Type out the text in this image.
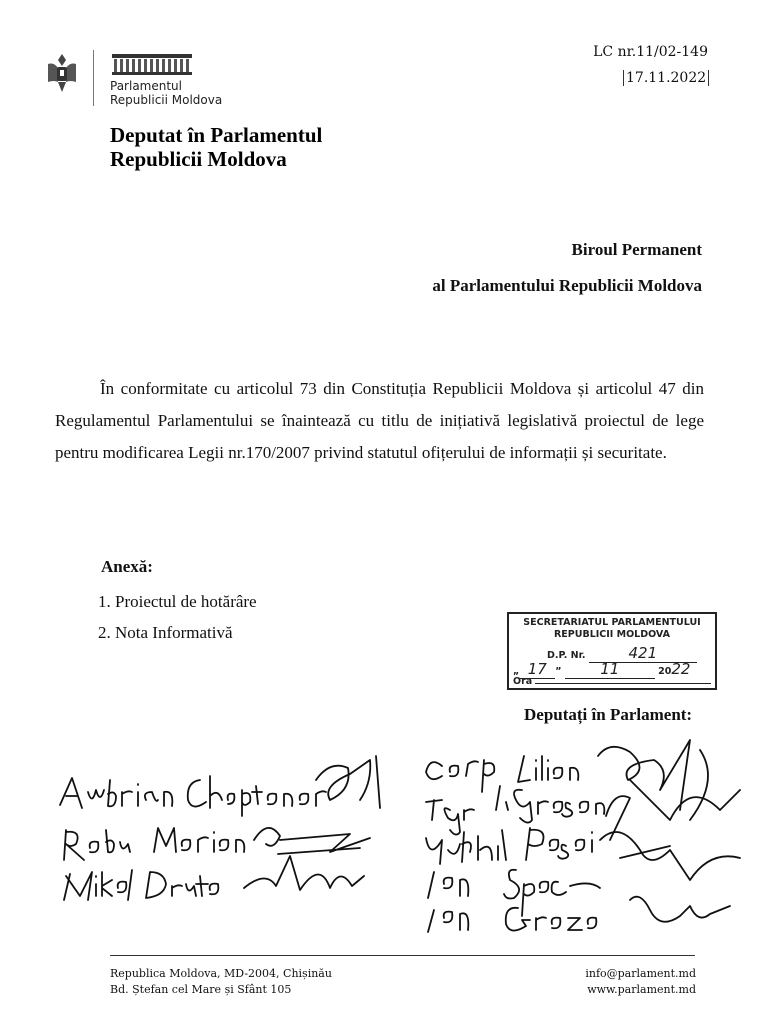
Parlamentul
Republicii Moldova
LC nr.11/02-149
17.11.2022
Deputat în Parlamentul
Republicii Moldova
Biroul Permanent
al Parlamentului Republicii Moldova
În conformitate cu articolul 73 din Constituția Republicii Moldova și articolul 47 din Regulamentul Parlamentului se înaintează cu titlu de inițiativă legislativă proiectul de lege pentru modificarea Legii nr.170/2007 privind statutul ofițerului de informații și securitate.
Anexă:
1. Proiectul de hotărâre
2. Nota Informativă
SECRETARIATUL PARLAMENTULUI
REPUBLICII MOLDOVA
D.P. Nr.	421
„ 17 ”	11	2022
Ora
Deputați în Parlament:
Republica Moldova, MD-2004, Chișinău
Bd. Ștefan cel Mare și Sfânt 105
info@parlament.md
www.parlament.md
